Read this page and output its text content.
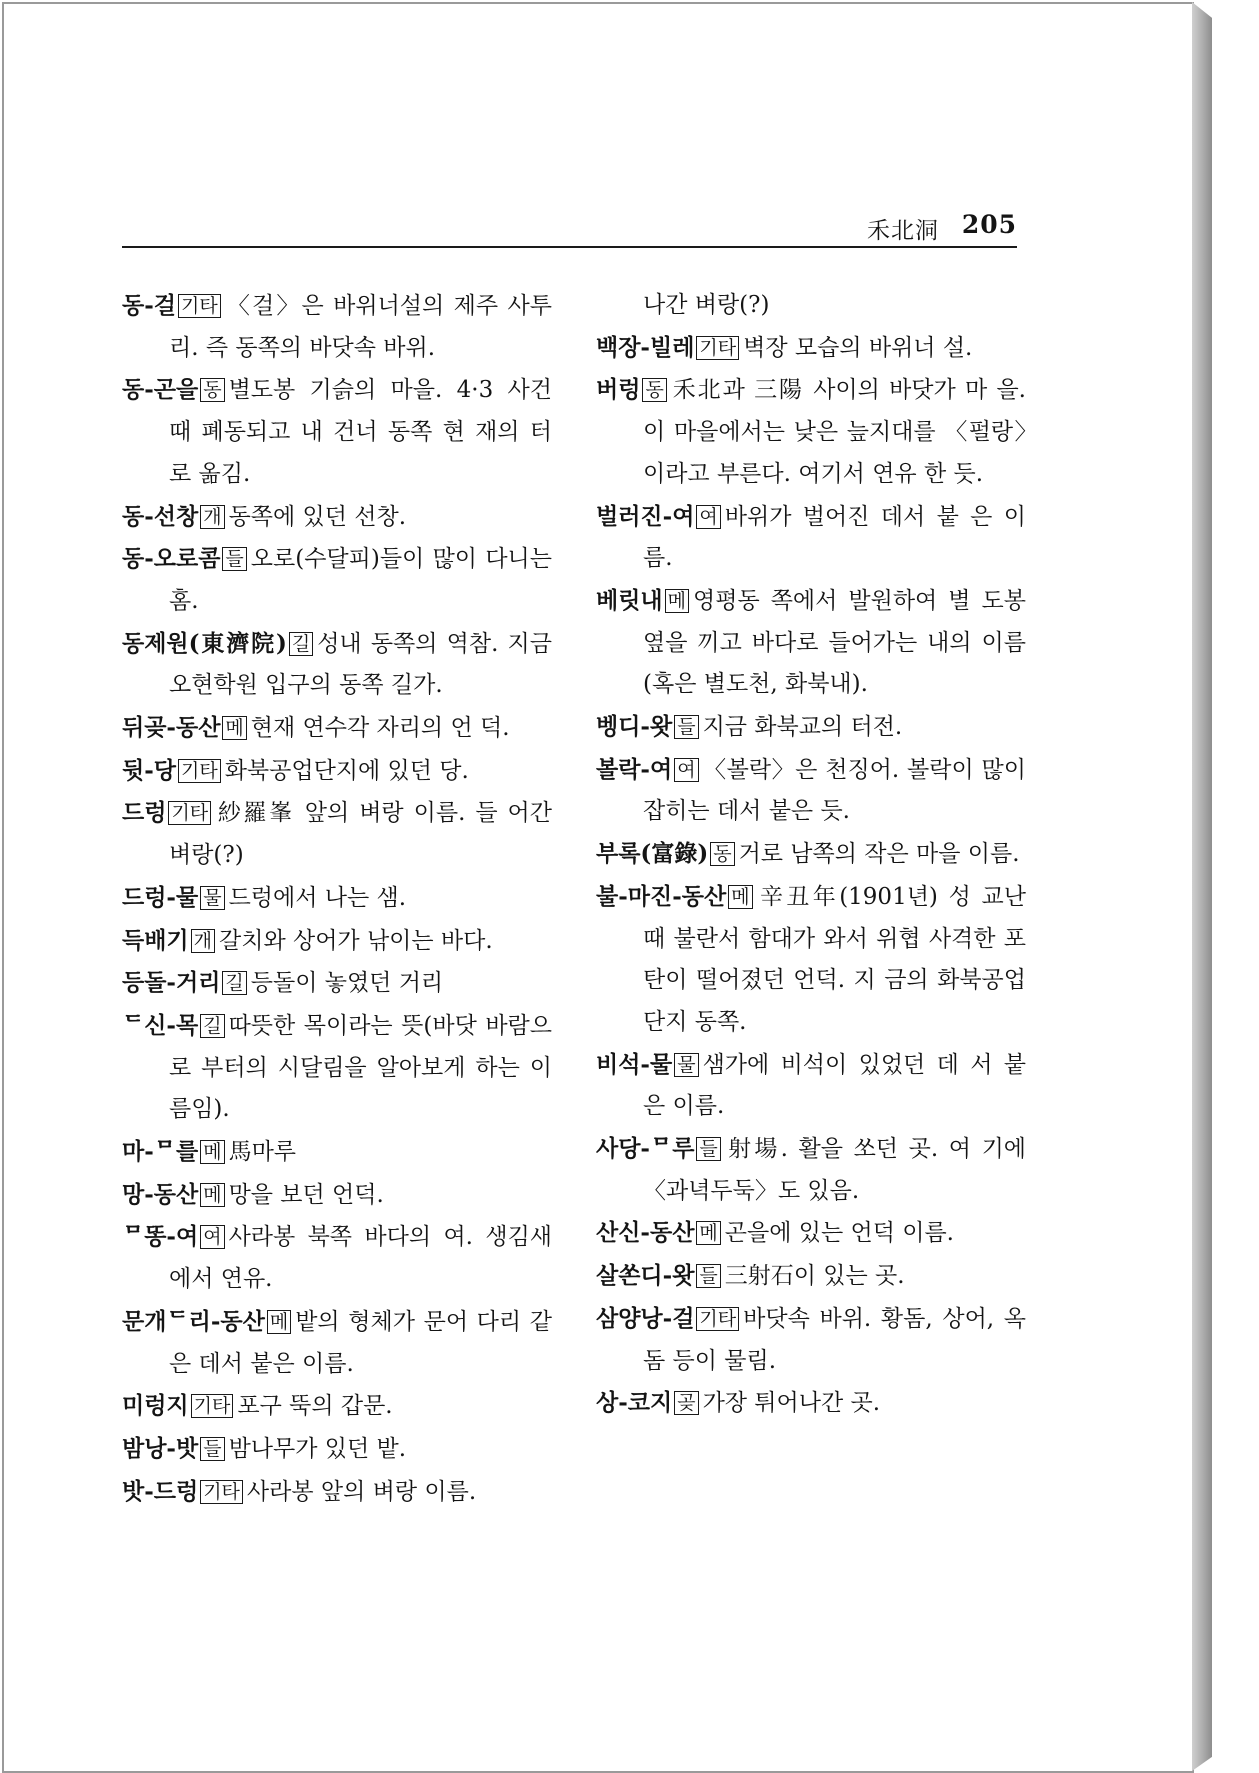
禾北洞 205
동-걸 기타 〈걸〉은 바위너설의 제주 사투리. 즉 동쪽의 바닷속 바위.
동-곤을 동 별도봉 기슭의 마을. 4·3 사건 때 폐동되고 내 건너 동쪽 현 재의 터로 옮김.
동-선창 개 동쪽에 있던 선창.
동-오로콤 들 오로(수달피)들이 많이 다니는 홈.
동제원(東濟院) 길 성내 동쪽의 역참. 지금 오현학원 입구의 동쪽 길가.
뒤곶-동산 메 현재 연수각 자리의 언 덕.
뒷-당 기타 화북공업단지에 있던 당.
드렁 기타 紗羅峯 앞의 벼랑 이름. 들 어간 벼랑(?)
드렁-물 물 드렁에서 나는 샘.
득배기 개 갈치와 상어가 낚이는 바다.
등돌-거리 길 등돌이 놓였던 거리
ᄃ신-목 길 따뜻한 목이라는 뜻(바닷 바람으로 부터의 시달림을 알아보게 하는 이름임).
마-ᄆ를 메 馬마루
망-동산 메 망을 보던 언덕.
ᄆ똥-여 여 사라봉 북쪽 바다의 여. 생김새에서 연유.
문개ᄃ리-동산 메 밭의 형체가 문어 다리 같은 데서 붙은 이름.
미렁지 기타 포구 뚝의 갑문.
밤낭-밧 들 밤나무가 있던 밭.
밧-드렁 기타 사라봉 앞의 벼랑 이름.
나간 벼랑(?)
백장-빌레 기타 벽장 모습의 바위너 설.
버렁 동 禾北과 三陽 사이의 바닷가 마 을. 이 마을에서는 낮은 늪지대를 〈펄랑〉이라고 부른다. 여기서 연유 한 듯.
벌러진-여 여 바위가 벌어진 데서 붙 은 이름.
베릿내 메 영평동 쪽에서 발원하여 별 도봉 옆을 끼고 바다로 들어가는 내의 이름(혹은 별도천, 화북내).
벵디-왓 들 지금 화북교의 터전.
볼락-여 여 〈볼락〉은 천징어. 볼락이 많이 잡히는 데서 붙은 듯.
부록(富錄) 동 거로 남쪽의 작은 마을 이름.
불-마진-동산 메 辛丑年(1901년) 성 교난 때 불란서 함대가 와서 위협 사격한 포탄이 떨어졌던 언덕. 지 금의 화북공업단지 동쪽.
비석-물 물 샘가에 비석이 있었던 데 서 붙은 이름.
사당-ᄆ루 들 射場. 활을 쏘던 곳. 여 기에 〈과녁두둑〉도 있음.
산신-동산 메 곤을에 있는 언덕 이름.
살쏜디-왓 들 三射石이 있는 곳.
삼양낭-걸 기타 바닷속 바위. 황돔, 상어, 옥돔 등이 물림.
상-코지 곶 가장 튀어나간 곳.
